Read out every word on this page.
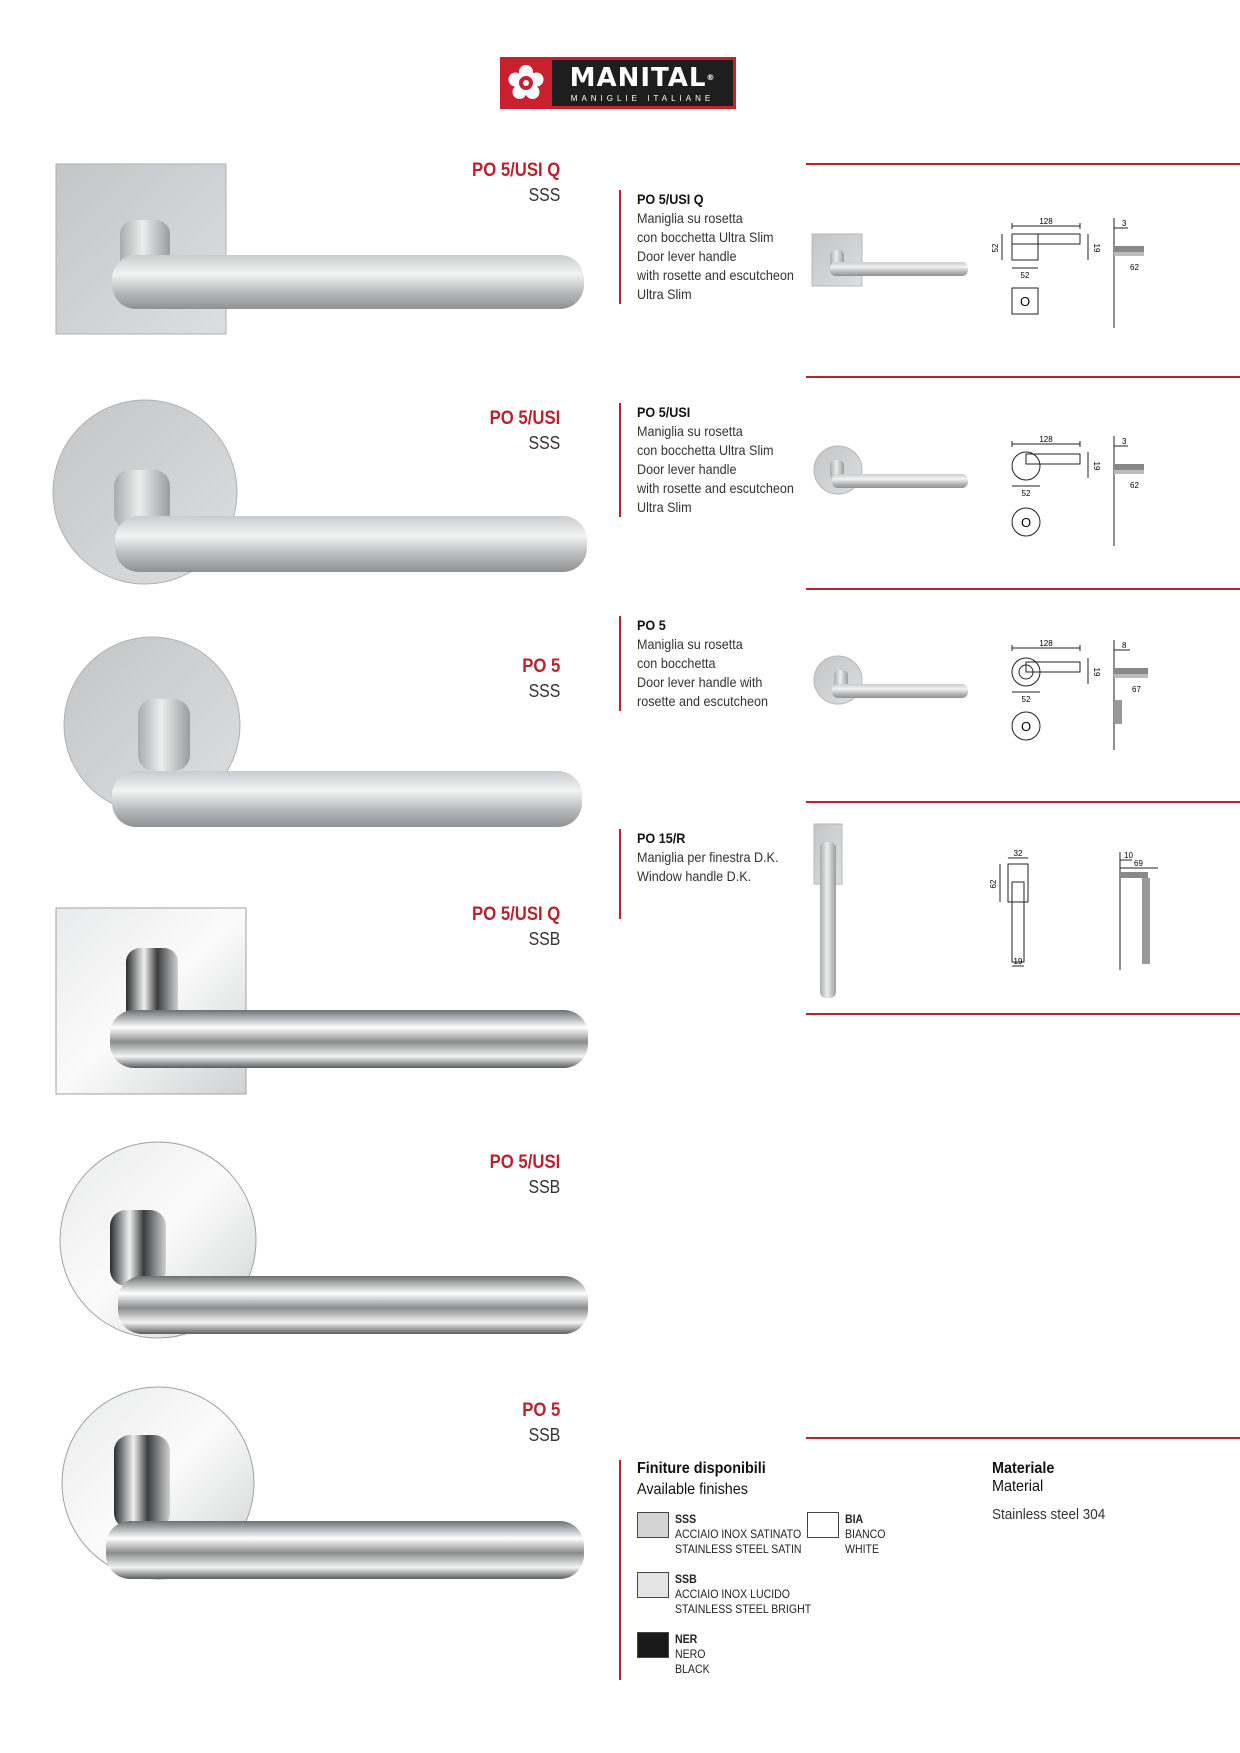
MANITAL®
MANIGLIE ITALIANE
PO 5/USI Q
SSS
PO 5/USI
SSS
PO 5
SSS
PO 5/USI Q
SSB
PO 5/USI
SSB
PO 5
SSB
PO 5/USI Q
Maniglia su rosetta
con bocchetta Ultra Slim
Door lever handle
with rosette and escutcheon
Ultra Slim
PO 5/USI
Maniglia su rosetta
con bocchetta Ultra Slim
Door lever handle
with rosette and escutcheon
Ultra Slim
PO 5
Maniglia su rosetta
con bocchetta
Door lever handle with
rosette and escutcheon
PO 15/R
Maniglia per finestra D.K.
Window handle D.K.
128
52
52
19
3
62
O
128
52
19
3
62
O
128
52
19
8
67
O
32
62
19
10
69
Finiture disponibili
Available finishes
SSS
ACCIAIO INOX SATINATO
STAINLESS STEEL SATIN
BIA
BIANCO
WHITE
SSB
ACCIAIO INOX LUCIDO
STAINLESS STEEL BRIGHT
NER
NERO
BLACK
Materiale
Material
Stainless steel 304
